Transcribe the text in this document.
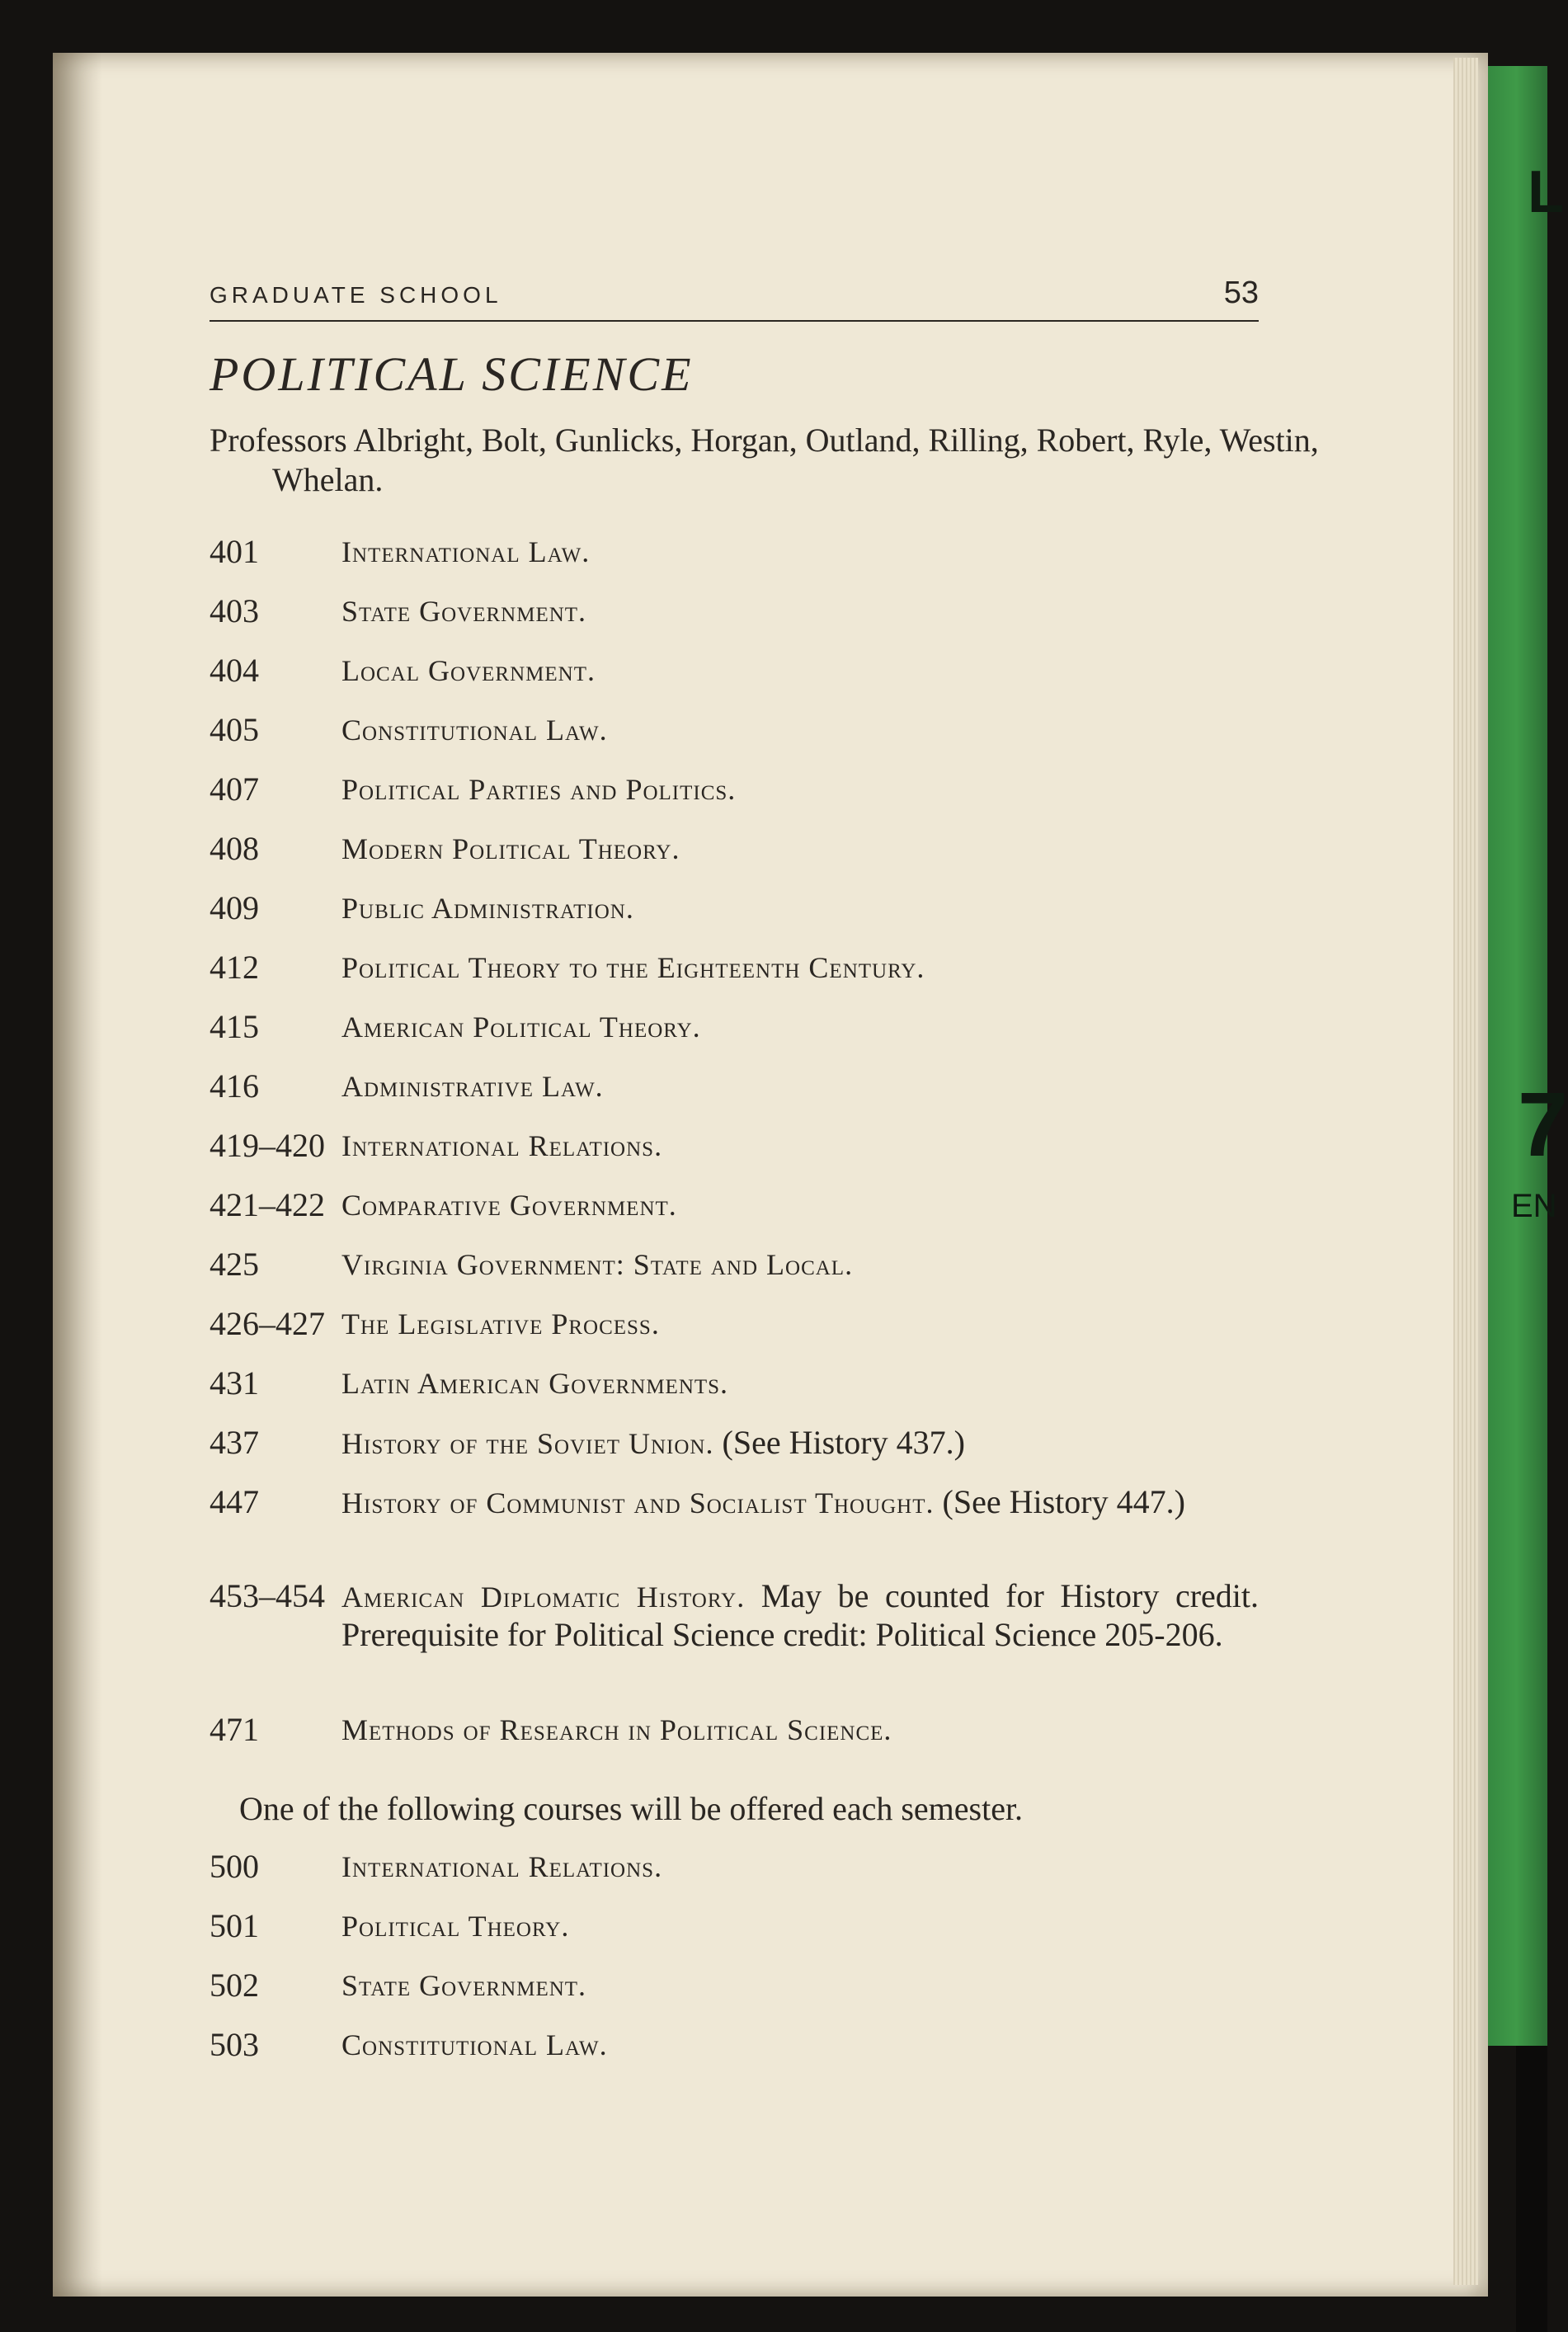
L
7
EN
GRADUATE SCHOOL	53
POLITICAL SCIENCE
Professors Albright, Bolt, Gunlicks, Horgan, Outland, Rilling, Robert, Ryle, Westin, Whelan.
401	International Law.
403	State Government.
404	Local Government.
405	Constitutional Law.
407	Political Parties and Politics.
408	Modern Political Theory.
409	Public Administration.
412	Political Theory to the Eighteenth Century.
415	American Political Theory.
416	Administrative Law.
419–420 International Relations.
421–422 Comparative Government.
425	Virginia Government: State and Local.
426–427 The Legislative Process.
431	Latin American Governments.
437	History of the Soviet Union. (See History 437.)
447	History of Communist and Socialist Thought. (See History 447.)
453–454 American Diplomatic History. May be counted for History credit. Prerequisite for Political Science credit: Political Science 205-206.
471	Methods of Research in Political Science.
One of the following courses will be offered each semester.
500	International Relations.
501	Political Theory.
502	State Government.
503	Constitutional Law.
